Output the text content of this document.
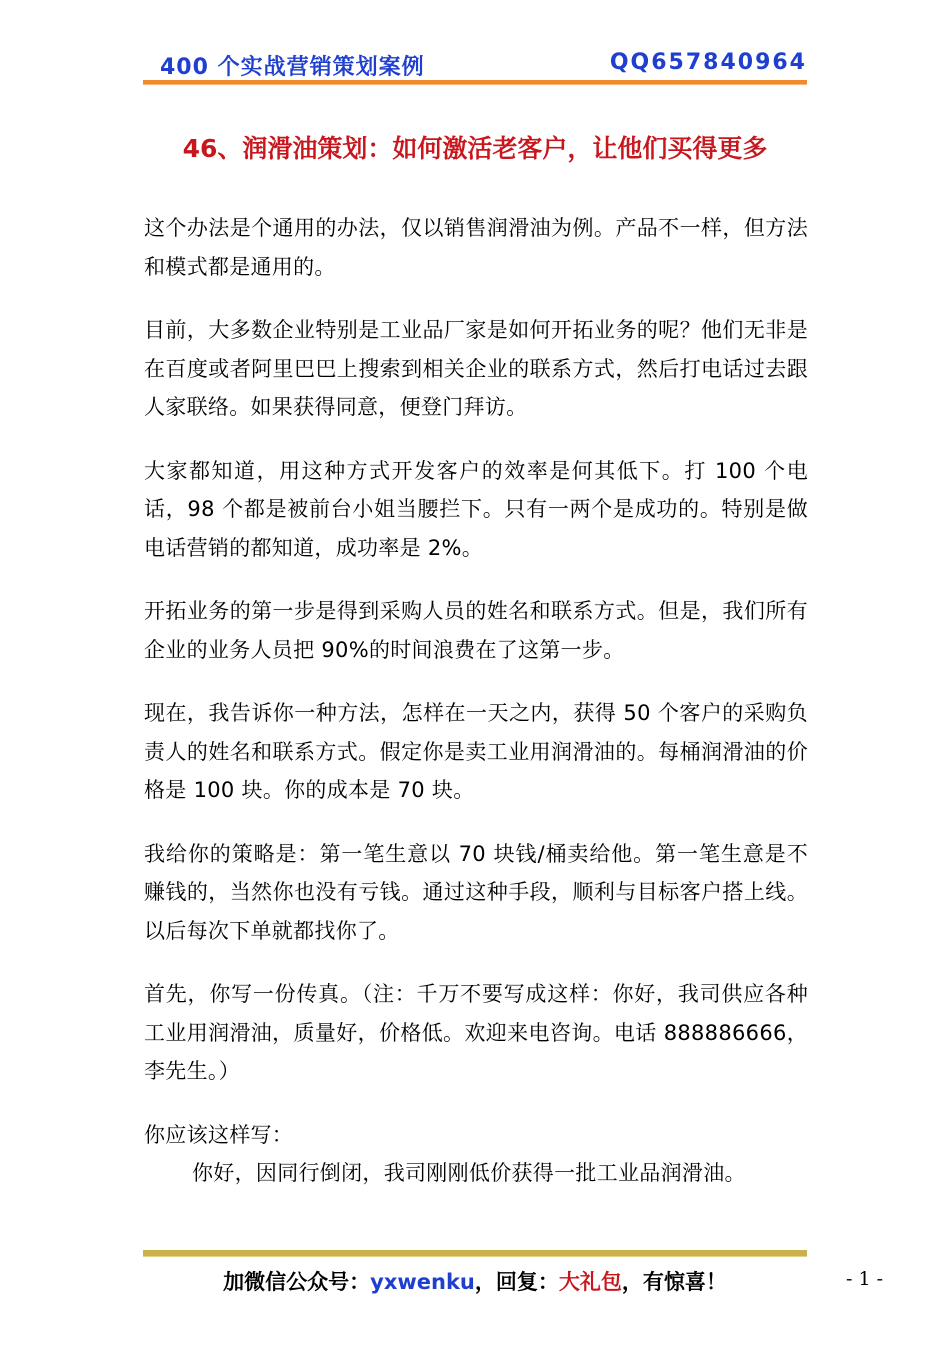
400 个实战营销策划案例	QQ657840964
46、润滑油策划：如何激活老客户，让他们买得更多

这个办法是个通用的办法，仅以销售润滑油为例。产品不一样，但方法和模式都是通用的。

目前，大多数企业特别是工业品厂家是如何开拓业务的呢？他们无非是在百度或者阿里巴巴上搜索到相关企业的联系方式，然后打电话过去跟人家联络。如果获得同意，便登门拜访。

大家都知道，用这种方式开发客户的效率是何其低下。打 100 个电话，98 个都是被前台小姐当腰拦下。只有一两个是成功的。特别是做电话营销的都知道，成功率是 2%。

开拓业务的第一步是得到采购人员的姓名和联系方式。但是，我们所有企业的业务人员把 90%的时间浪费在了这第一步。

现在，我告诉你一种方法，怎样在一天之内，获得 50 个客户的采购负责人的姓名和联系方式。假定你是卖工业用润滑油的。每桶润滑油的价格是 100 块。你的成本是 70 块。

我给你的策略是：第一笔生意以 70 块钱/桶卖给他。第一笔生意是不赚钱的，当然你也没有亏钱。通过这种手段，顺利与目标客户搭上线。以后每次下单就都找你了。

首先，你写一份传真。（注：千万不要写成这样：你好，我司供应各种工业用润滑油，质量好，价格低。欢迎来电咨询。电话 888886666，李先生。）

你应该这样写：

你好，因同行倒闭，我司刚刚低价获得一批工业品润滑油。

加微信公众号：yxwenku，回复：大礼包，有惊喜！	- 1 -
